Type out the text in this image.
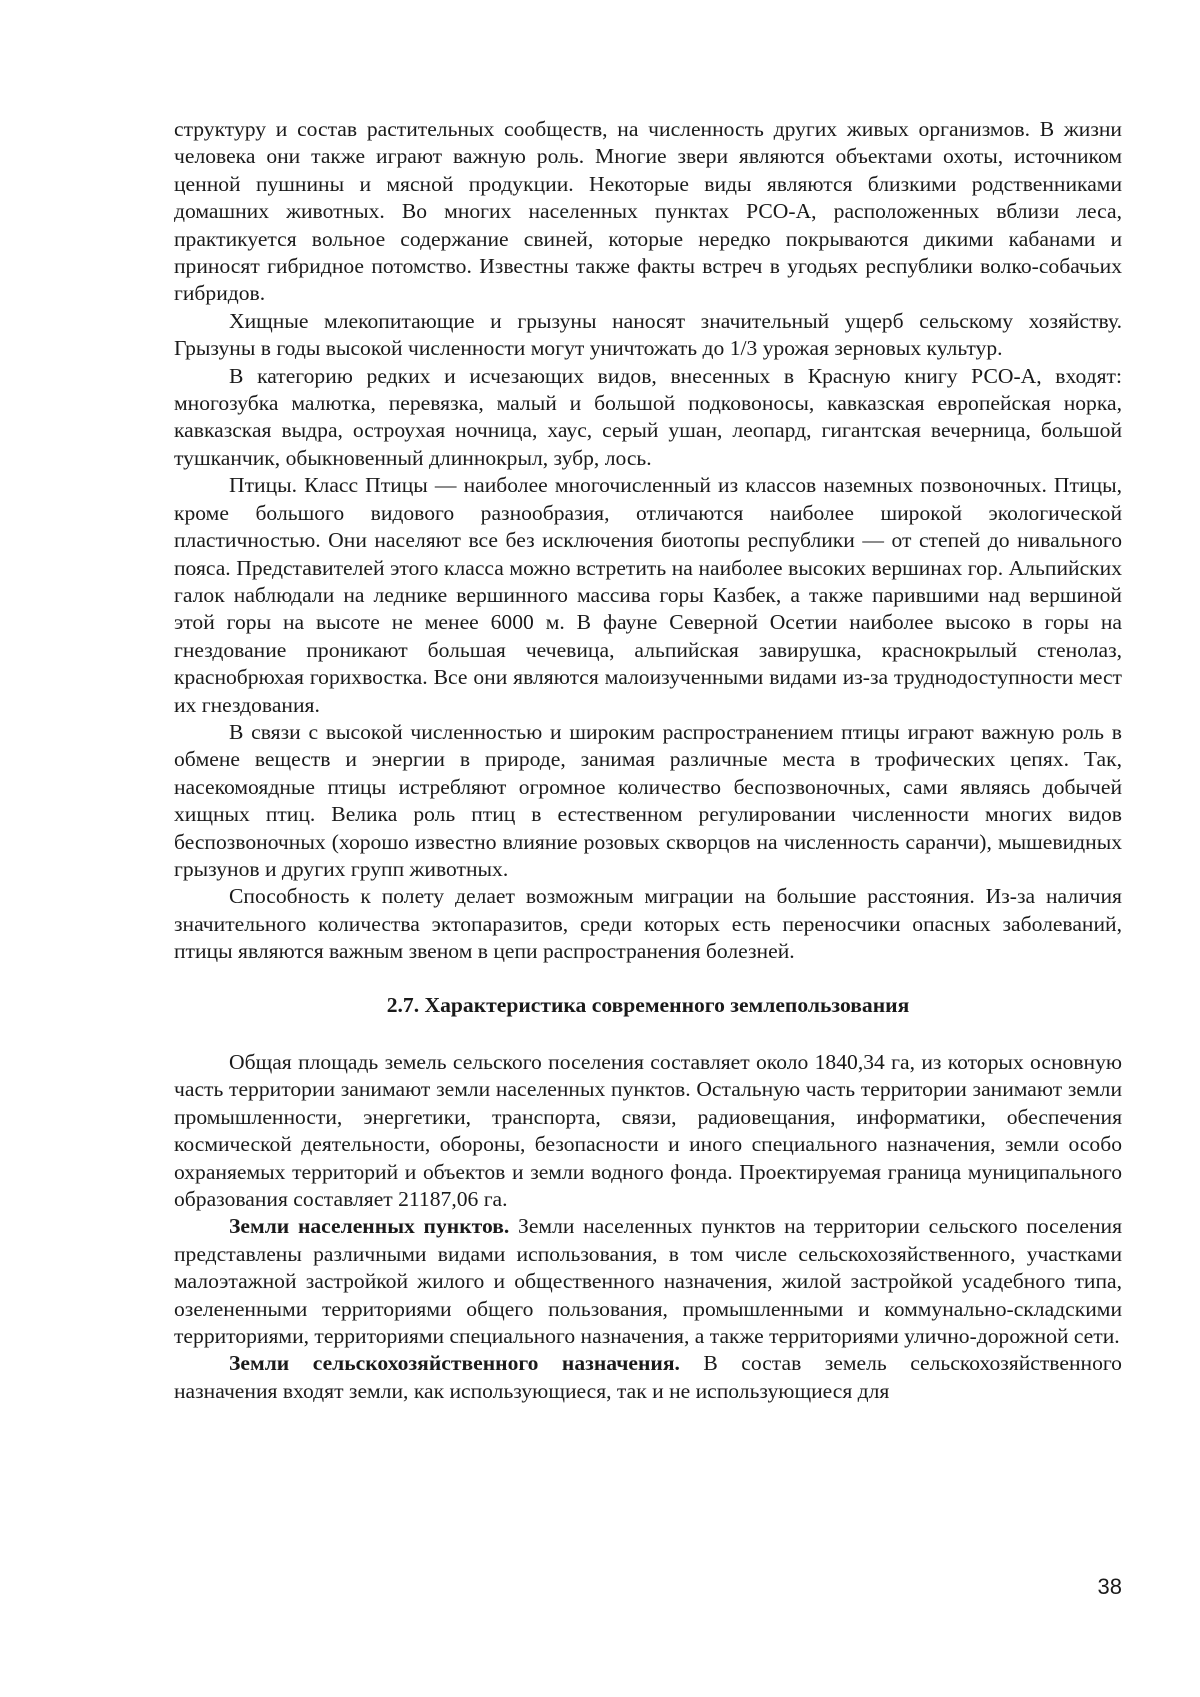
структуру и состав растительных сообществ, на численность других живых организмов. В жизни человека они также играют важную роль. Многие звери являются объектами охоты, источником ценной пушнины и мясной продукции. Некоторые виды являются близкими родственниками домашних животных. Во многих населенных пунктах РСО-А, расположенных вблизи леса, практикуется вольное содержание свиней, которые нередко покрываются дикими кабанами и приносят гибридное потомство. Известны также факты встреч в угодьях республики волко-собачьих гибридов.

Хищные млекопитающие и грызуны наносят значительный ущерб сельскому хозяйству. Грызуны в годы высокой численности могут уничтожать до 1/3 урожая зерновых культур.

В категорию редких и исчезающих видов, внесенных в Красную книгу РСО-А, входят: многозубка малютка, перевязка, малый и большой подковоносы, кавказская европейская норка, кавказская выдра, остроухая ночница, хаус, серый ушан, леопард, гигантская вечерница, большой тушканчик, обыкновенный длиннокрыл, зубр, лось.

Птицы. Класс Птицы — наиболее многочисленный из классов наземных позвоночных. Птицы, кроме большого видового разнообразия, отличаются наиболее широкой экологической пластичностью. Они населяют все без исключения биотопы республики — от степей до нивального пояса. Представителей этого класса можно встретить на наиболее высоких вершинах гор. Альпийских галок наблюдали на леднике вершинного массива горы Казбек, а также парившими над вершиной этой горы на высоте не менее 6000 м. В фауне Северной Осетии наиболее высоко в горы на гнездование проникают большая чечевица, альпийская завирушка, краснокрылый стенолаз, краснобрюхая горихвостка. Все они являются малоизученными видами из-за труднодоступности мест их гнездования.

В связи с высокой численностью и широким распространением птицы играют важную роль в обмене веществ и энергии в природе, занимая различные места в трофических цепях. Так, насекомоядные птицы истребляют огромное количество беспозвоночных, сами являясь добычей хищных птиц. Велика роль птиц в естественном регулировании численности многих видов беспозвоночных (хорошо известно влияние розовых скворцов на численность саранчи), мышевидных грызунов и других групп животных.

Способность к полету делает возможным миграции на большие расстояния. Из-за наличия значительного количества эктопаразитов, среди которых есть переносчики опасных заболеваний, птицы являются важным звеном в цепи распространения болезней.

2.7. Характеристика современного землепользования

Общая площадь земель сельского поселения составляет около 1840,34 га, из которых основную часть территории занимают земли населенных пунктов. Остальную часть территории занимают земли промышленности, энергетики, транспорта, связи, радиовещания, информатики, обеспечения космической деятельности, обороны, безопасности и иного специального назначения, земли особо охраняемых территорий и объектов и земли водного фонда. Проектируемая граница муниципального образования составляет 21187,06 га.

Земли населенных пунктов. Земли населенных пунктов на территории сельского поселения представлены различными видами использования, в том числе сельскохозяйственного, участками малоэтажной застройкой жилого и общественного назначения, жилой застройкой усадебного типа, озелененными территориями общего пользования, промышленными и коммунально-складскими территориями, территориями специального назначения, а также территориями улично-дорожной сети.

Земли сельскохозяйственного назначения. В состав земель сельскохозяйственного назначения входят земли, как использующиеся, так и не использующиеся для

38
